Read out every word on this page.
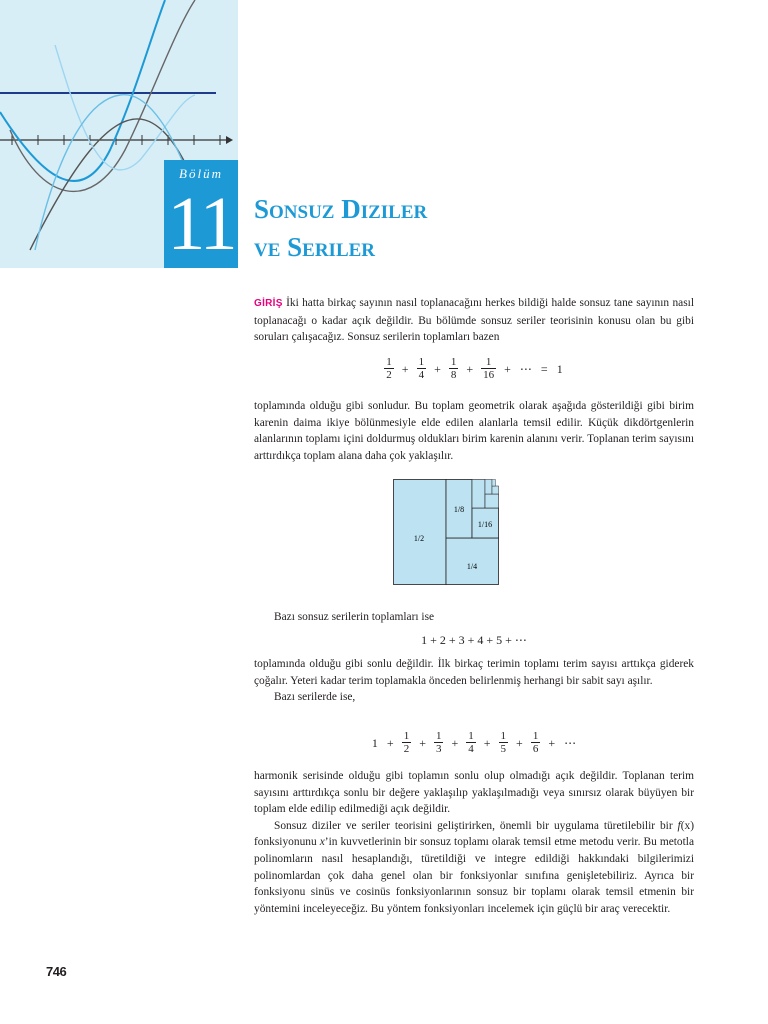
Bölüm
11 Sonsuz Diziler
ve Seriler

GİRİŞ İki hatta birkaç sayının nasıl toplanacağını herkes bildiği halde sonsuz tane sayının nasıl toplanacağı o kadar açık değildir. Bu bölümde sonsuz seriler teorisinin konusu olan bu gibi soruları çalışacağız. Sonsuz serilerin toplamları bazen

$\frac{1}{2} + \frac{1}{4} + \frac{1}{8} + \frac{1}{16}$ + ⋯ = 1

toplamında olduğu gibi sonludur. Bu toplam geometrik olarak aşağıda gösterildiği gibi birim karenin daima ikiye bölünmesiyle elde edilen alanlarla temsil edilir. Küçük dikdörtgenlerin alanlarının toplamı içini doldurmuş oldukları birim karenin alanını verir. Toplanan terim sayısını arttırdıkça toplam alana daha çok yaklaşılır.

1/2
1/4
1/8
1/16

Bazı sonsuz serilerin toplamları ise

1 + 2 + 3 + 4 + 5 + ⋯

toplamında olduğu gibi sonlu değildir. İlk birkaç terimin toplamı terim sayısı arttıkça giderek çoğalır. Yeteri kadar terim toplamakla önceden belirlenmiş herhangi bir sabit sayı aşılır.

Bazı serilerde ise,

$1 + \frac{1}{2} + \frac{1}{3} + \frac{1}{4} + \frac{1}{5} + \frac{1}{6}$ + ⋯

harmonik serisinde olduğu gibi toplamın sonlu olup olmadığı açık değildir. Toplanan terim sayısını arttırdıkça sonlu bir değere yaklaşılıp yaklaşılmadığı veya sınırsız olarak büyüyen bir toplam elde edilip edilmediği açık değildir.

Sonsuz diziler ve seriler teorisini geliştirirken, önemli bir uygulama türetilebilir bir f(x) fonksiyonunu x’in kuvvetlerinin bir sonsuz toplamı olarak temsil etme metodu verir. Bu metotla polinomların nasıl hesaplandığı, türetildiği ve integre edildiği hakkındaki bilgilerimizi polinomlardan çok daha genel olan bir fonksiyonlar sınıfına genişletebiliriz. Ayrıca bir fonksiyonu sinüs ve cosinüs fonksiyonlarının sonsuz bir toplamı olarak temsil etmenin bir yöntemini inceleyeceğiz. Bu yöntem fonksiyonları incelemek için güçlü bir araç verecektir.

746
